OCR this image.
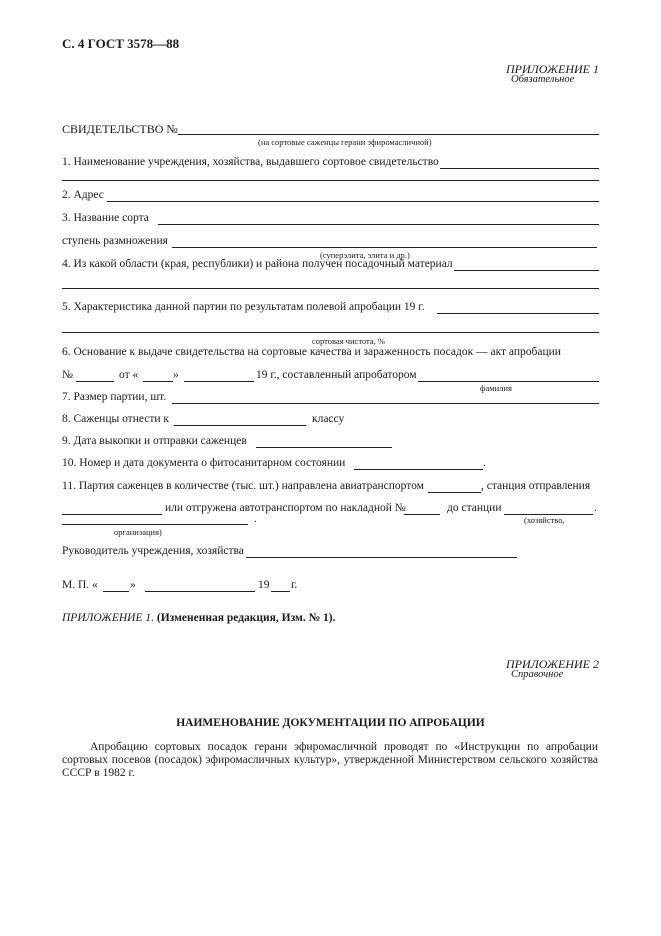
С. 4 ГОСТ 3578—88
ПРИЛОЖЕНИЕ 1
Обязательное
СВИДЕТЕЛЬСТВО №
(на сортовые саженцы герани эфиромасличной)
1. Наименование учреждения, хозяйства, выдавшего сортовое свидетельство
2. Адрес
3. Название сорта
ступень размножения
(суперэлита, элита и др.)
4. Из какой области (края, республики) и района получен посадочный материал
5. Характеристика данной партии по результатам полевой апробации 19 г.
сортовая чистота, %
6. Основание к выдаче свидетельства на сортовые качества и зараженность посадок — акт апробации
№	от «	»	19 г., составленный апробатором
фамилия
7. Размер партии, шт.
8. Саженцы отнести к	классу
9. Дата выкопки и отправки саженцев
10. Номер и дата документа о фитосанитарном состоянии	.
11. Партия саженцев в количестве (тыс. шт.) направлена авиатранспортом	, станция отправления
или отгружена автотранспортом по накладной №	до станции	.
(хозяйство,
.
организация)
Руководитель учреждения, хозяйства
М. П. «	»	19 г.
ПРИЛОЖЕНИЕ 1. (Измененная редакция, Изм. № 1).
ПРИЛОЖЕНИЕ 2
Справочное
НАИМЕНОВАНИЕ ДОКУМЕНТАЦИИ ПО АПРОБАЦИИ
Апробацию сортовых посадок герани эфиромасличной проводят по «Инструкции по апробации сортовых посевов (посадок) эфиромасличных культур», утвержденной Министерством сельского хозяйства СССР в 1982 г.
